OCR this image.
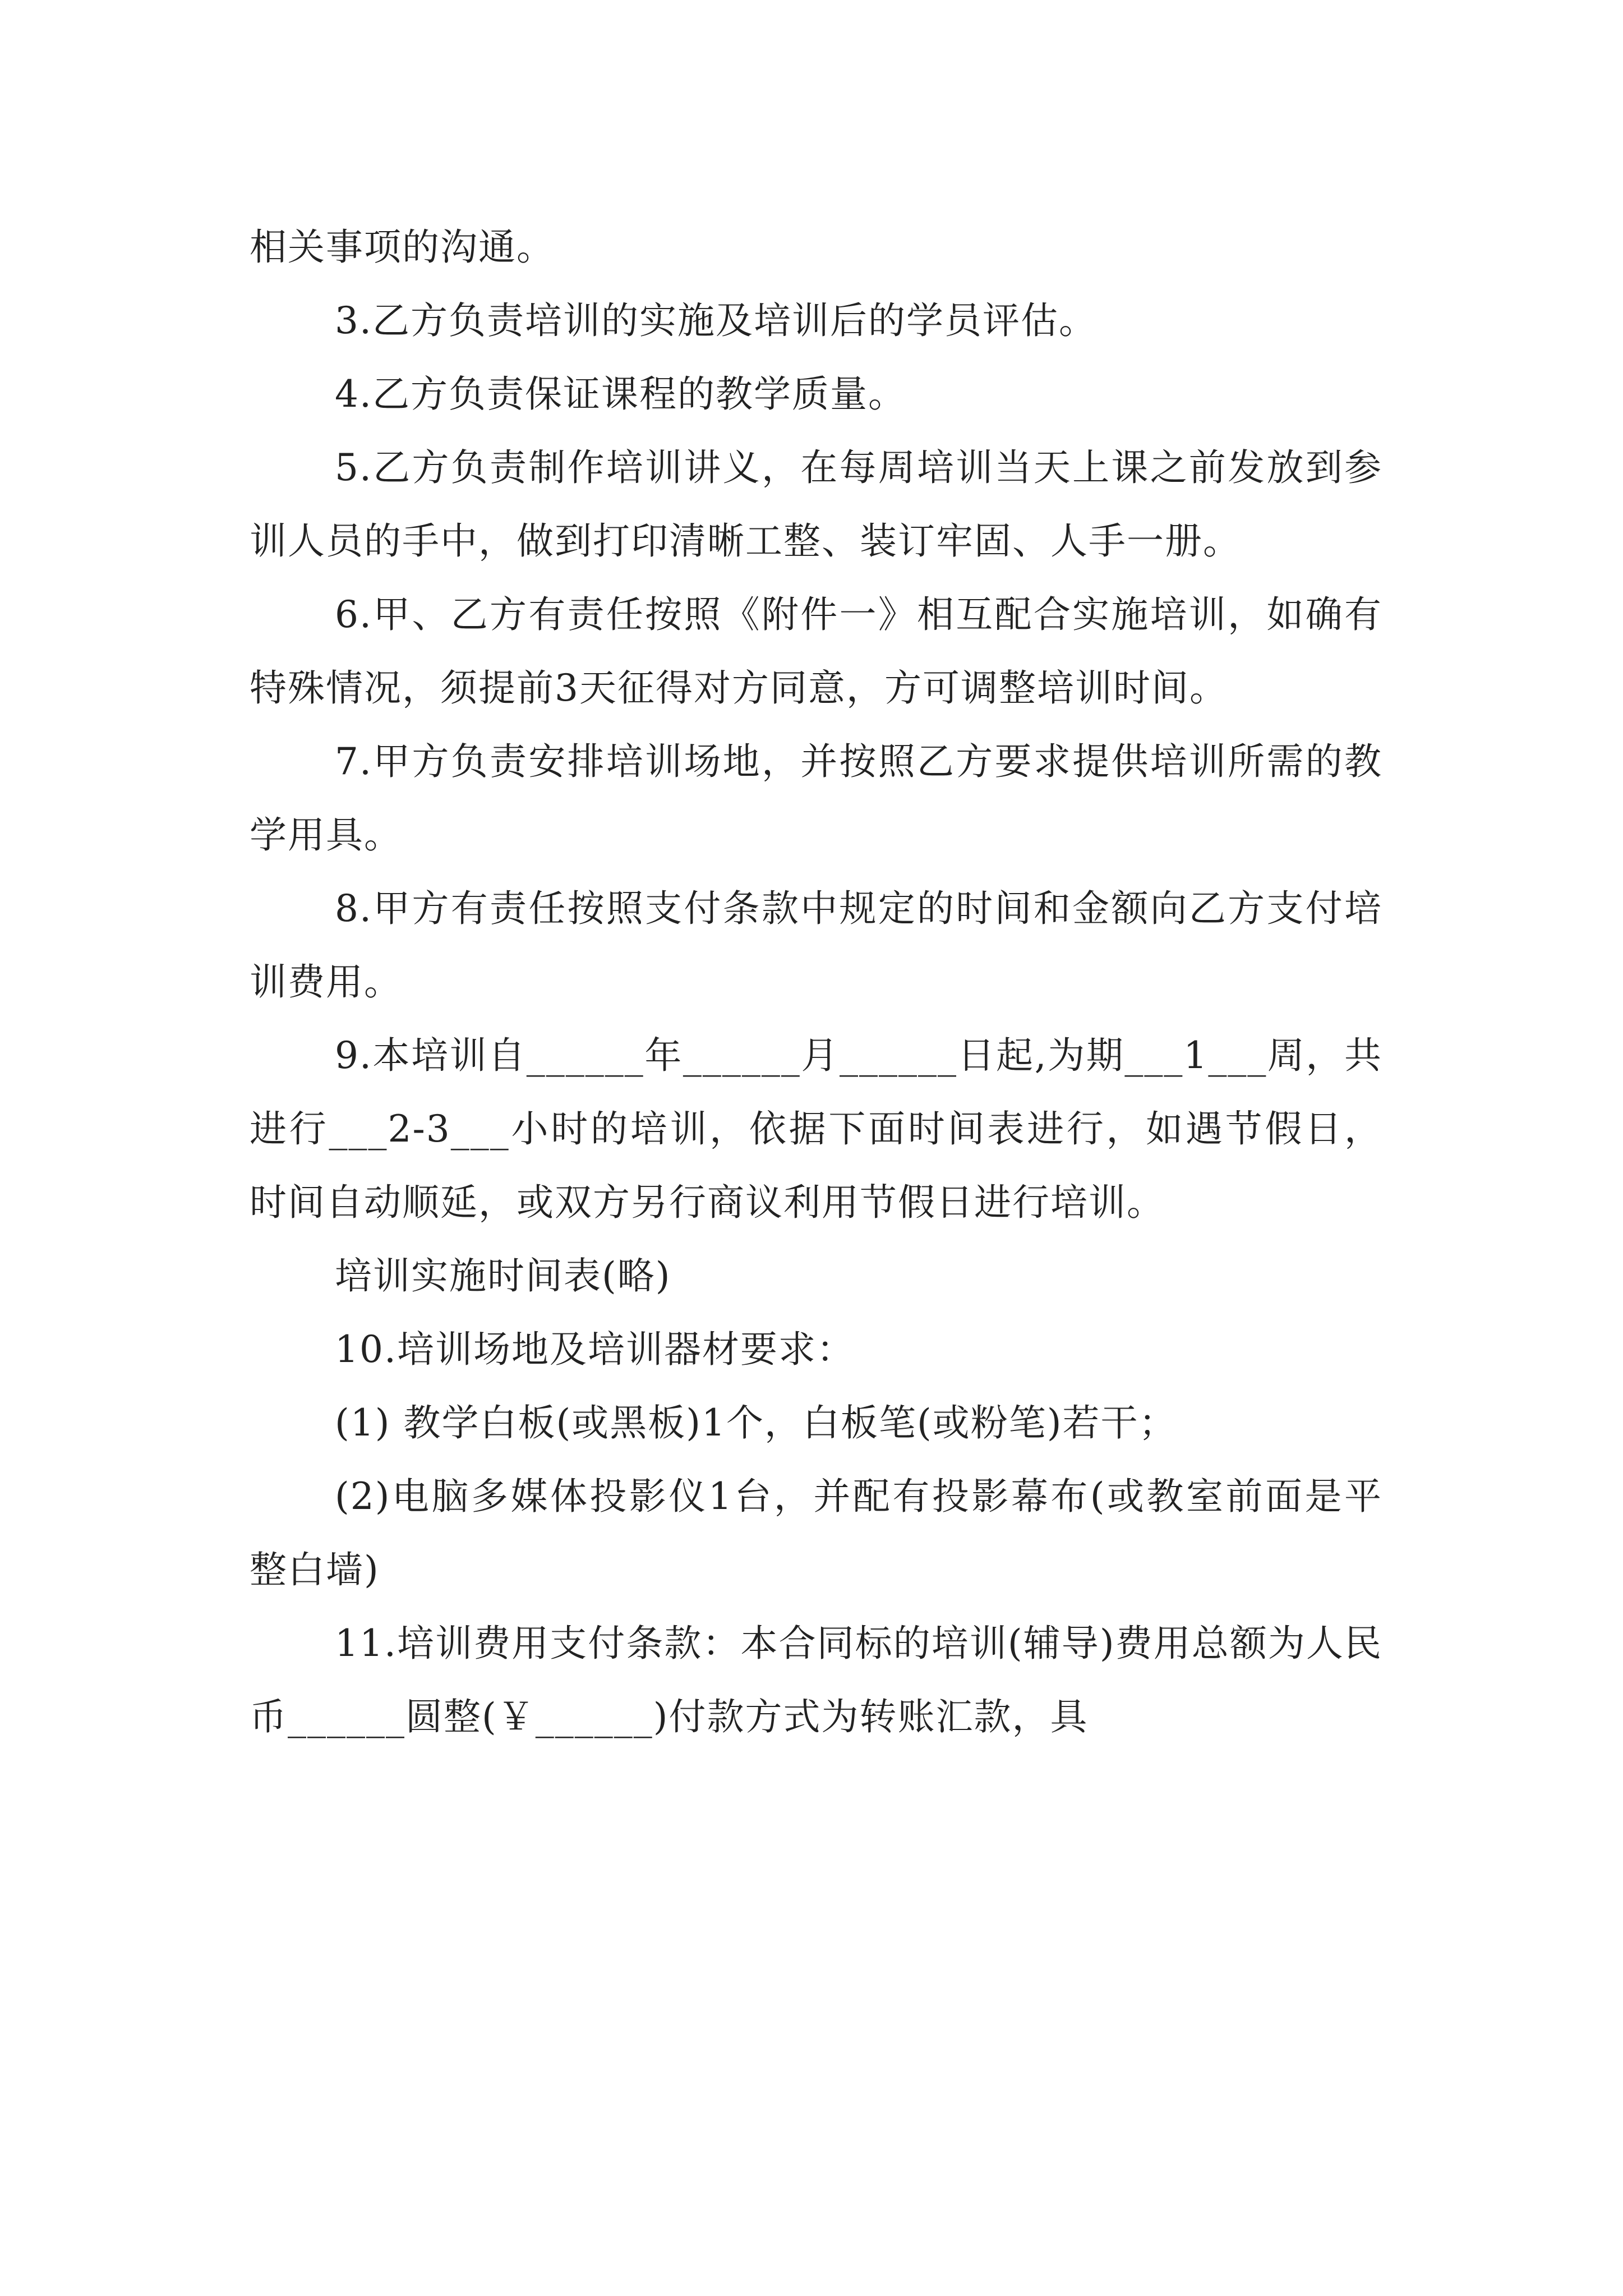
相关事项的沟通。

3.乙方负责培训的实施及培训后的学员评估。

4.乙方负责保证课程的教学质量。

5.乙方负责制作培训讲义，在每周培训当天上课之前发放到参训人员的手中，做到打印清晰工整、装订牢固、人手一册。

6.甲、乙方有责任按照《附件一》相互配合实施培训，如确有特殊情况，须提前3天征得对方同意，方可调整培训时间。

7.甲方负责安排培训场地，并按照乙方要求提供培训所需的教学用具。

8.甲方有责任按照支付条款中规定的时间和金额向乙方支付培训费用。

9.本培训自______年______月______日起,为期___1___周，共进行___2-3___小时的培训，依据下面时间表进行，如遇节假日，时间自动顺延，或双方另行商议利用节假日进行培训。

培训实施时间表(略)

10.培训场地及培训器材要求：

(1) 教学白板(或黑板)1个，白板笔(或粉笔)若干；

(2)电脑多媒体投影仪1台，并配有投影幕布(或教室前面是平整白墙)

11.培训费用支付条款：本合同标的培训(辅导)费用总额为人民币______圆整(￥______)付款方式为转账汇款，具
